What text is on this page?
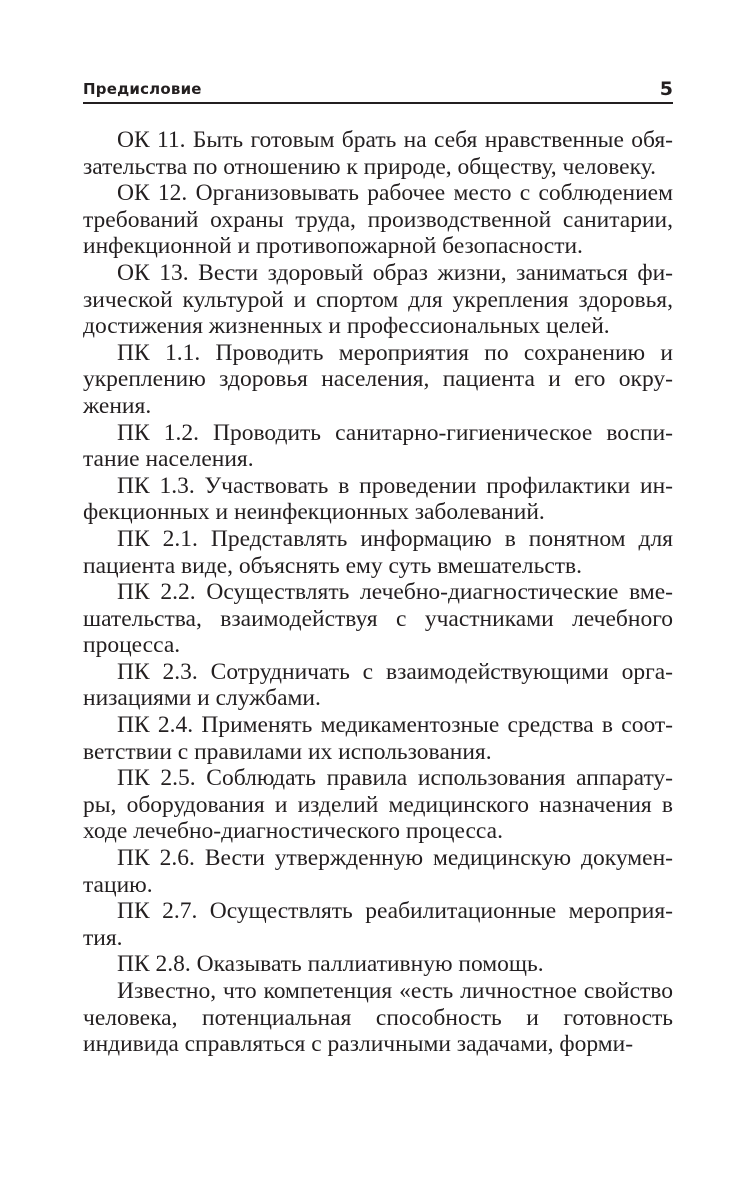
Предисловие	5

ОК 11. Быть готовым брать на себя нравственные обязательства по отношению к природе, обществу, человеку.

ОК 12. Организовывать рабочее место с соблюдением требований охраны труда, производственной санитарии, инфекционной и противопожарной безопасности.

ОК 13. Вести здоровый образ жизни, заниматься физической культурой и спортом для укрепления здоровья, достижения жизненных и профессиональных целей.

ПК 1.1. Проводить мероприятия по сохранению и укреплению здоровья населения, пациента и его окружения.

ПК 1.2. Проводить санитарно-гигиеническое воспитание населения.

ПК 1.3. Участвовать в проведении профилактики инфекционных и неинфекционных заболеваний.

ПК 2.1. Представлять информацию в понятном для пациента виде, объяснять ему суть вмешательств.

ПК 2.2. Осуществлять лечебно-диагностические вмешательства, взаимодействуя с участниками лечебного процесса.

ПК 2.3. Сотрудничать с взаимодействующими организациями и службами.

ПК 2.4. Применять медикаментозные средства в соответствии с правилами их использования.

ПК 2.5. Соблюдать правила использования аппаратуры, оборудования и изделий медицинского назначения в ходе лечебно-диагностического процесса.

ПК 2.6. Вести утвержденную медицинскую документацию.

ПК 2.7. Осуществлять реабилитационные мероприятия.

ПК 2.8. Оказывать паллиативную помощь.

Известно, что компетенция «есть личностное свойство человека, потенциальная способность и готовность индивида справляться с различными задачами, форми-
